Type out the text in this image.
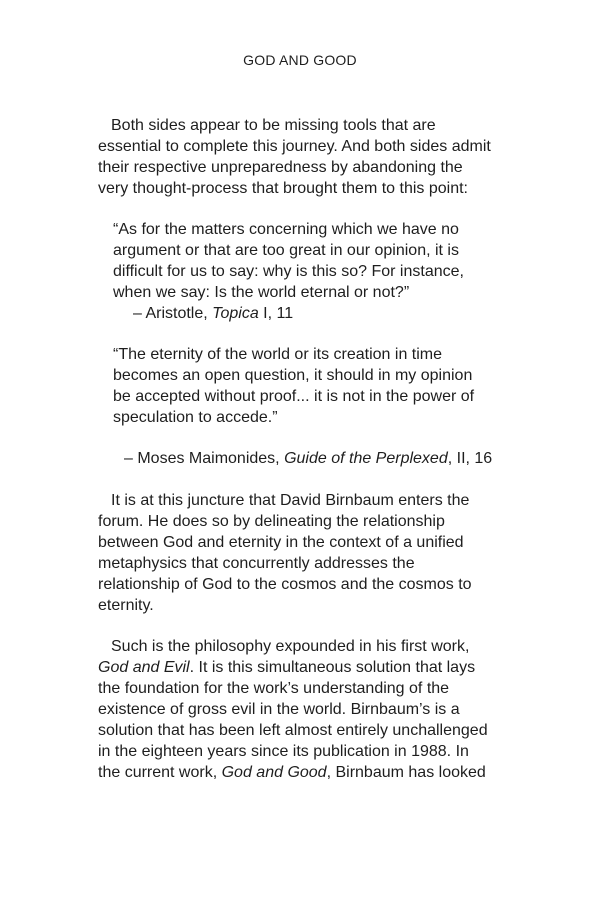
GOD AND GOOD
Both sides appear to be missing tools that are
essential to complete this journey. And both sides admit
their respective unpreparedness by abandoning the
very thought-process that brought them to this point:
“As for the matters concerning which we have no
argument or that are too great in our opinion, it is
difficult for us to say: why is this so? For instance,
when we say: Is the world eternal or not?”
– Aristotle, Topica I, 11
“The eternity of the world or its creation in time
becomes an open question, it should in my opinion
be accepted without proof... it is not in the power of
speculation to accede.”
– Moses Maimonides, Guide of the Perplexed, II, 16
It is at this juncture that David Birnbaum enters the
forum. He does so by delineating the relationship
between God and eternity in the context of a unified
metaphysics that concurrently addresses the
relationship of God to the cosmos and the cosmos to
eternity.
Such is the philosophy expounded in his first work,
God and Evil. It is this simultaneous solution that lays
the foundation for the work’s understanding of the
existence of gross evil in the world. Birnbaum’s is a
solution that has been left almost entirely unchallenged
in the eighteen years since its publication in 1988. In
the current work, God and Good, Birnbaum has looked
